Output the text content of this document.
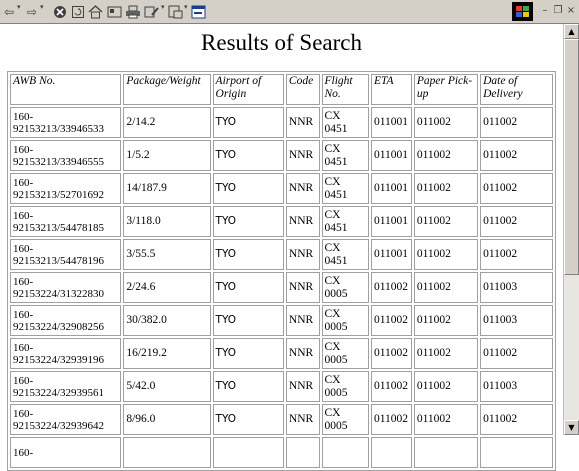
⇦ ▾ ⇨ ▾	▾	▾	– ❐ ×
Results of Search
AWB No.	Package/Weight	Airport of Origin	Code	Flight No.	ETA	Paper Pick-up	Date of Delivery
160-92153213/33946533	2/14.2	TYO	NNR	CX 0451	011001	011002	011002
160-92153213/33946555	1/5.2	TYO	NNR	CX 0451	011001	011002	011002
160-92153213/52701692	14/187.9	TYO	NNR	CX 0451	011001	011002	011002
160-92153213/54478185	3/118.0	TYO	NNR	CX 0451	011001	011002	011002
160-92153213/54478196	3/55.5	TYO	NNR	CX 0451	011001	011002	011002
160-92153224/31322830	2/24.6	TYO	NNR	CX 0005	011002	011002	011003
160-92153224/32908256	30/382.0	TYO	NNR	CX 0005	011002	011002	011003
160-92153224/32939196	16/219.2	TYO	NNR	CX 0005	011002	011002	011002
160-92153224/32939561	5/42.0	TYO	NNR	CX 0005	011002	011002	011003
160-92153224/32939642	8/96.0	TYO	NNR	CX 0005	011002	011002	011002
160-							
▲
▼
